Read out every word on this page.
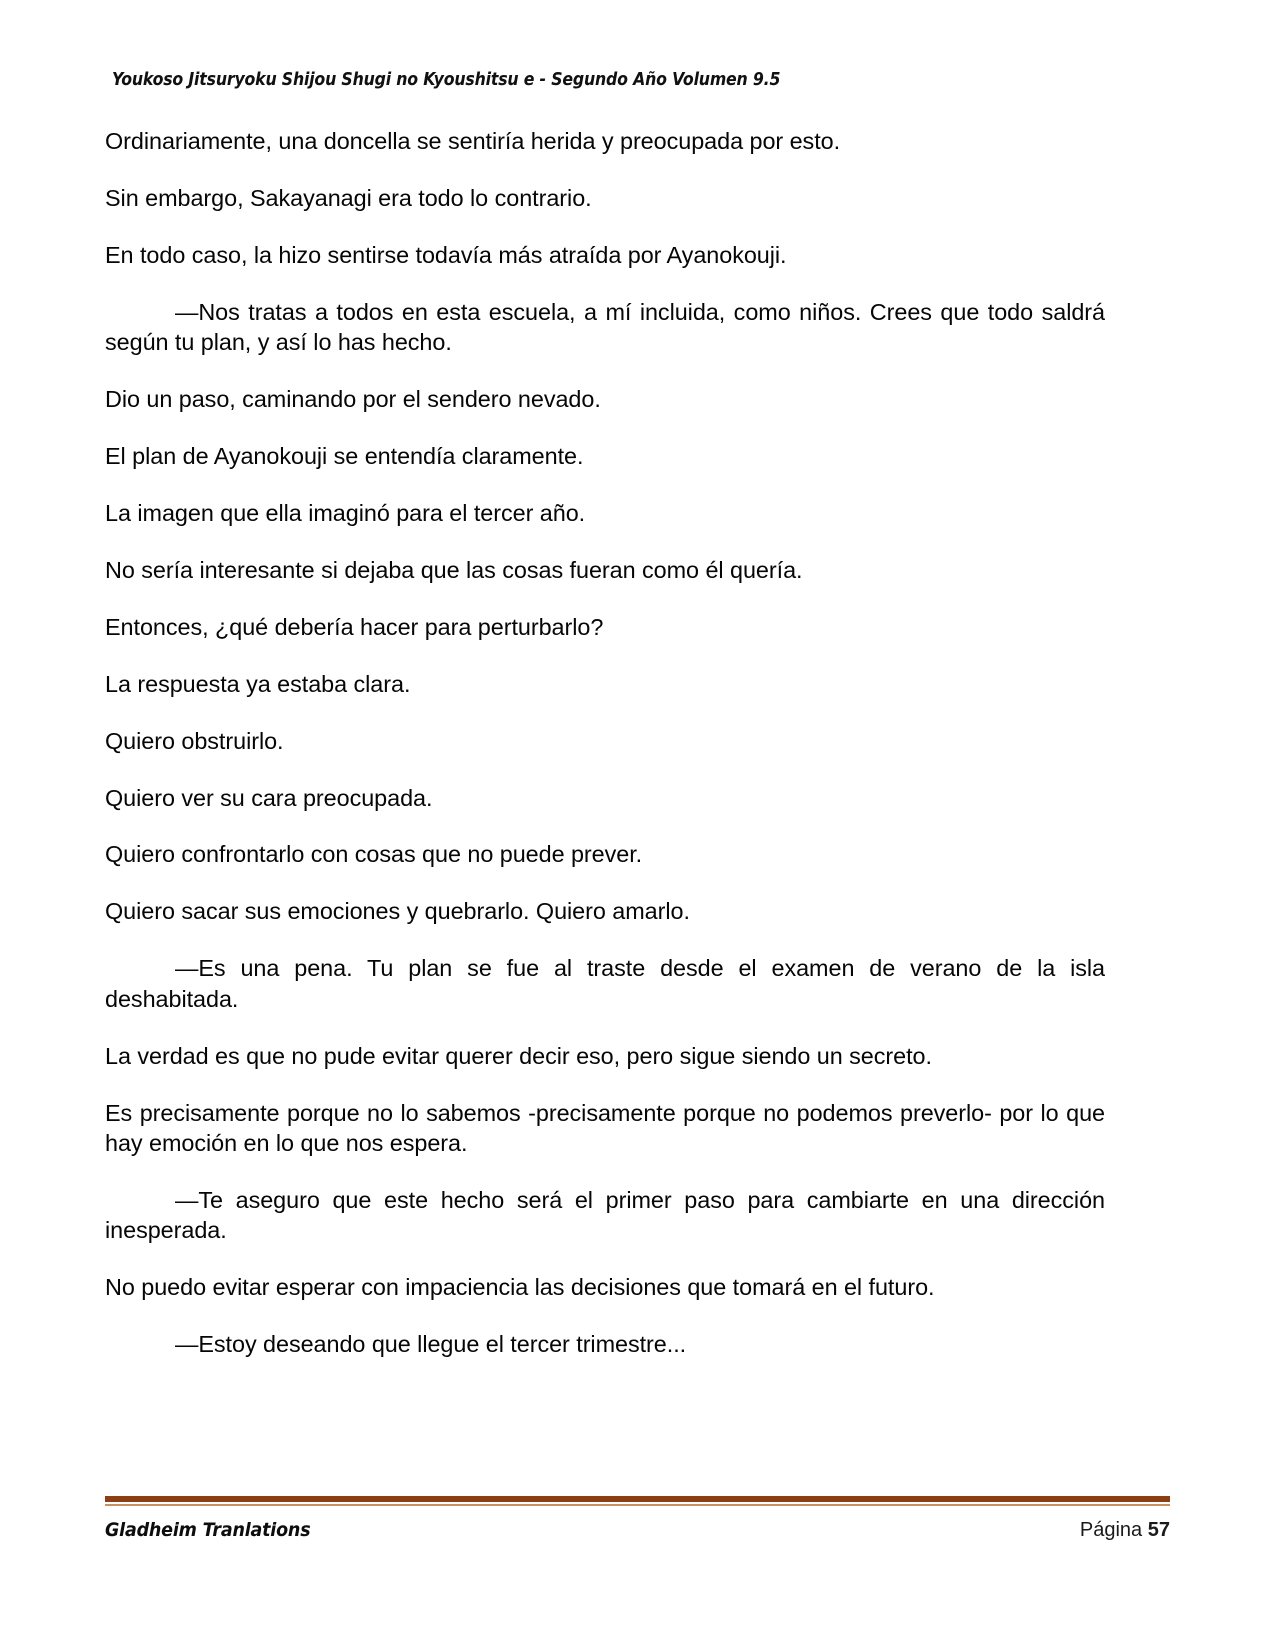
Youkoso Jitsuryoku Shijou Shugi no Kyoushitsu e - Segundo Año Volumen 9.5

Ordinariamente, una doncella se sentiría herida y preocupada por esto.

Sin embargo, Sakayanagi era todo lo contrario.

En todo caso, la hizo sentirse todavía más atraída por Ayanokouji.

—Nos tratas a todos en esta escuela, a mí incluida, como niños. Crees que todo saldrá según tu plan, y así lo has hecho.

Dio un paso, caminando por el sendero nevado.

El plan de Ayanokouji se entendía claramente.

La imagen que ella imaginó para el tercer año.

No sería interesante si dejaba que las cosas fueran como él quería.

Entonces, ¿qué debería hacer para perturbarlo?

La respuesta ya estaba clara.

Quiero obstruirlo.

Quiero ver su cara preocupada.

Quiero confrontarlo con cosas que no puede prever.

Quiero sacar sus emociones y quebrarlo. Quiero amarlo.

—Es una pena. Tu plan se fue al traste desde el examen de verano de la isla deshabitada.

La verdad es que no pude evitar querer decir eso, pero sigue siendo un secreto.

Es precisamente porque no lo sabemos -precisamente porque no podemos preverlo- por lo que hay emoción en lo que nos espera.

—Te aseguro que este hecho será el primer paso para cambiarte en una dirección inesperada.

No puedo evitar esperar con impaciencia las decisiones que tomará en el futuro.

—Estoy deseando que llegue el tercer trimestre...

Gladheim Tranlations	Página 57
